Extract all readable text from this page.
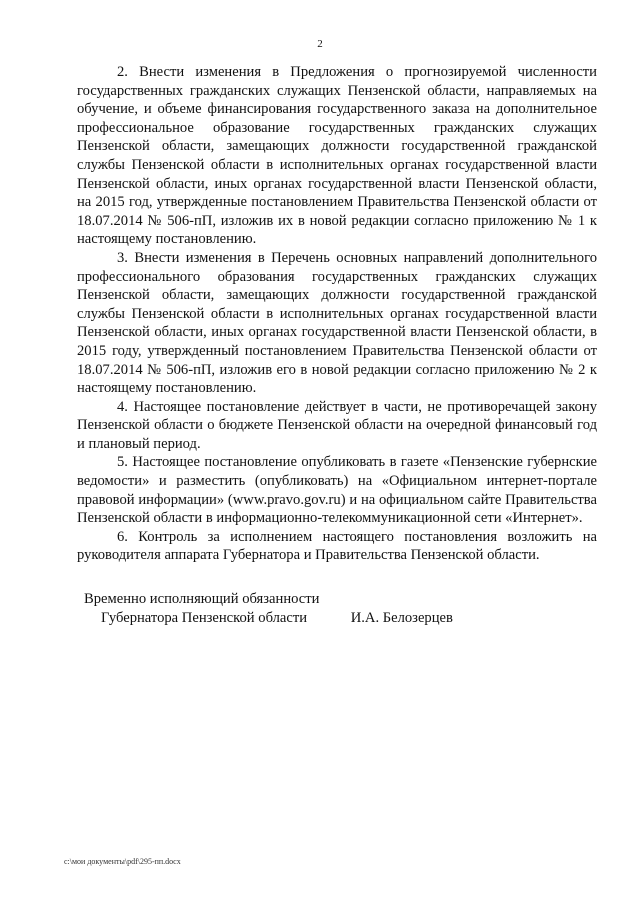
2

2. Внести изменения в Предложения о прогнозируемой численности государственных гражданских служащих Пензенской области, направляемых на обучение, и объеме финансирования государственного заказа на дополнительное профессиональное образование государственных гражданских служащих Пензенской области, замещающих должности государственной гражданской службы Пензенской области в исполнительных органах государственной власти Пензенской области, иных органах государственной власти Пензенской области, на 2015 год, утвержденные постановлением Правительства Пензенской области от 18.07.2014 № 506-пП, изложив их в новой редакции согласно приложению № 1 к настоящему постановлению.

3. Внести изменения в Перечень основных направлений дополнительного профессионального образования государственных гражданских служащих Пензенской области, замещающих должности государственной гражданской службы Пензенской области в исполнительных органах государственной власти Пензенской области, иных органах государственной власти Пензенской области, в 2015 году, утвержденный постановлением Правительства Пензенской области от 18.07.2014 № 506-пП, изложив его в новой редакции согласно приложению № 2 к настоящему постановлению.

4. Настоящее постановление действует в части, не противоречащей закону Пензенской области о бюджете Пензенской области на очередной финансовый год и плановый период.

5. Настоящее постановление опубликовать в газете «Пензенские губернские ведомости» и разместить (опубликовать) на «Официальном интернет-портале правовой информации» (www.pravo.gov.ru) и на официальном сайте Правительства Пензенской области в информационно-телекоммуникационной сети «Интернет».

6. Контроль за исполнением настоящего постановления возложить на руководителя аппарата Губернатора и Правительства Пензенской области.

Временно исполняющий обязанности
Губернатора Пензенской области	И.А. Белозерцев
c:\мои документы\pdf\295-пп.docx
